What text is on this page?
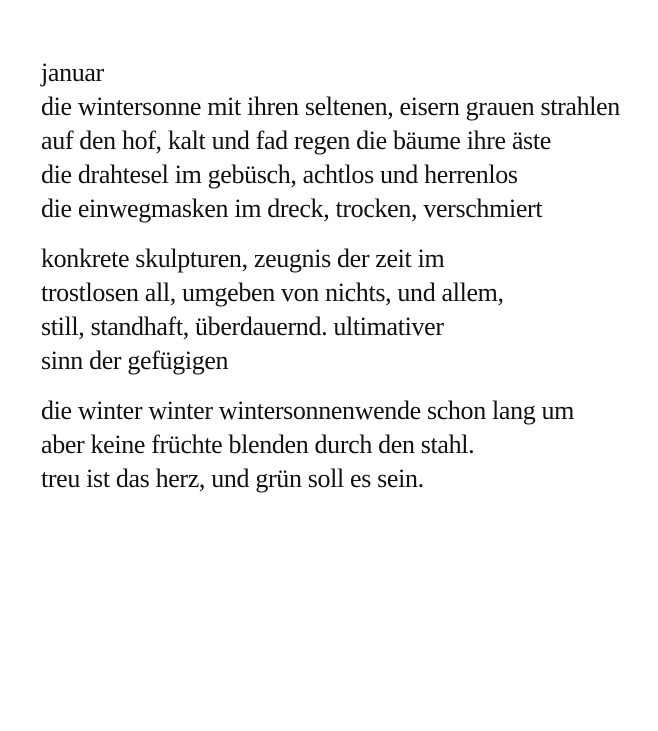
januar
die wintersonne mit ihren seltenen, eisern grauen strahlen
auf den hof, kalt und fad regen die bäume ihre äste
die drahtesel im gebüsch, achtlos und herrenlos
die einwegmasken im dreck, trocken, verschmiert
konkrete skulpturen, zeugnis der zeit im
trostlosen all, umgeben von nichts, und allem,
still, standhaft, überdauernd. ultimativer
sinn der gefügigen
die winter winter wintersonnenwende schon lang um
aber keine früchte blenden durch den stahl.
treu ist das herz, und grün soll es sein.
